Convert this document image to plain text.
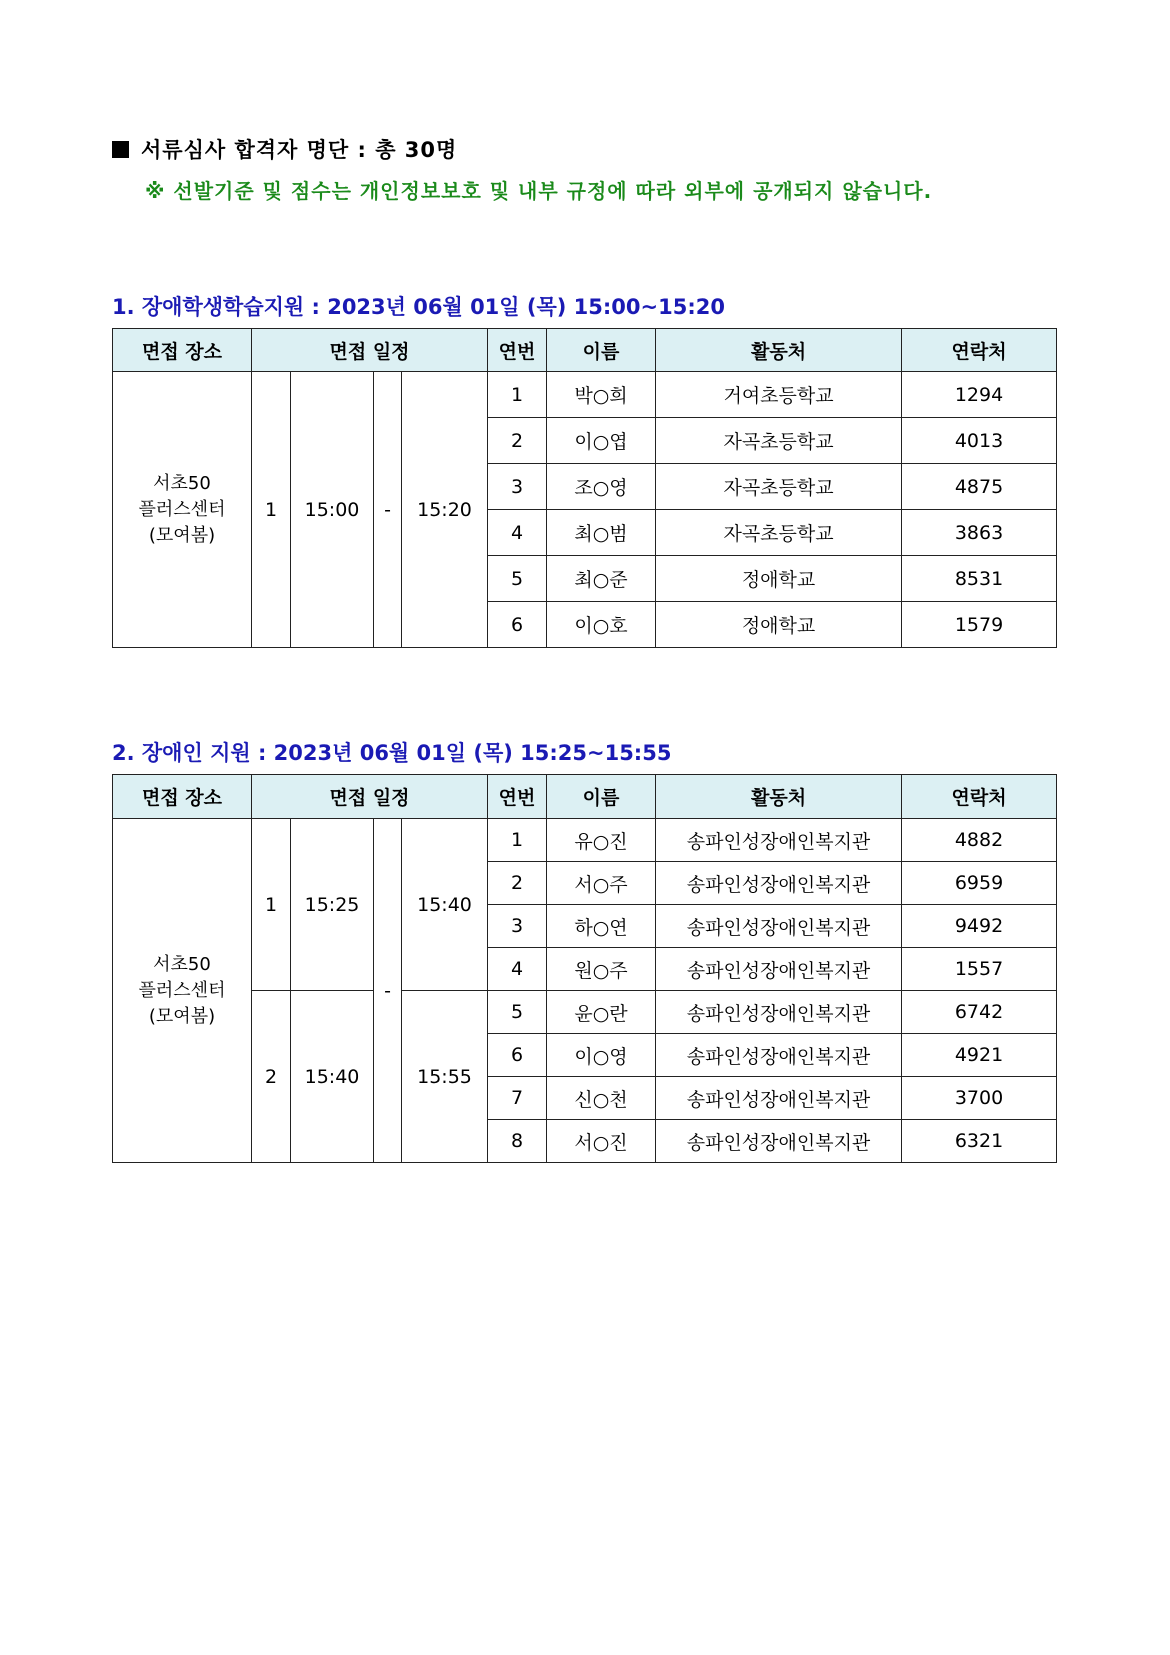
서류심사 합격자 명단 : 총 30명
※ 선발기준 및 점수는 개인정보보호 및 내부 규정에 따라 외부에 공개되지 않습니다.
1. 장애학생학습지원 : 2023년 06월 01일 (목) 15:00~15:20
면접 장소	면접 일정				연번	이름	활동처	연락처

서초50
플러스센터
(모여봄)	1	15:00	-	15:20	1	박○희	거여초등학교	1294
					2	이○엽	자곡초등학교	4013
					3	조○영	자곡초등학교	4875
					4	최○범	자곡초등학교	3863
					5	최○준	정애학교	8531
					6	이○호	정애학교	1579
2. 장애인 지원 : 2023년 06월 01일 (목) 15:25~15:55
면접 장소	면접 일정				연번	이름	활동처	연락처

서초50
플러스센터
(모여봄)	1	15:25	-	15:40	1	유○진	송파인성장애인복지관	4882
					2	서○주	송파인성장애인복지관	6959
					3	하○연	송파인성장애인복지관	9492
					4	원○주	송파인성장애인복지관	1557
	2	15:40		15:55	5	윤○란	송파인성장애인복지관	6742
					6	이○영	송파인성장애인복지관	4921
					7	신○천	송파인성장애인복지관	3700
					8	서○진	송파인성장애인복지관	6321
